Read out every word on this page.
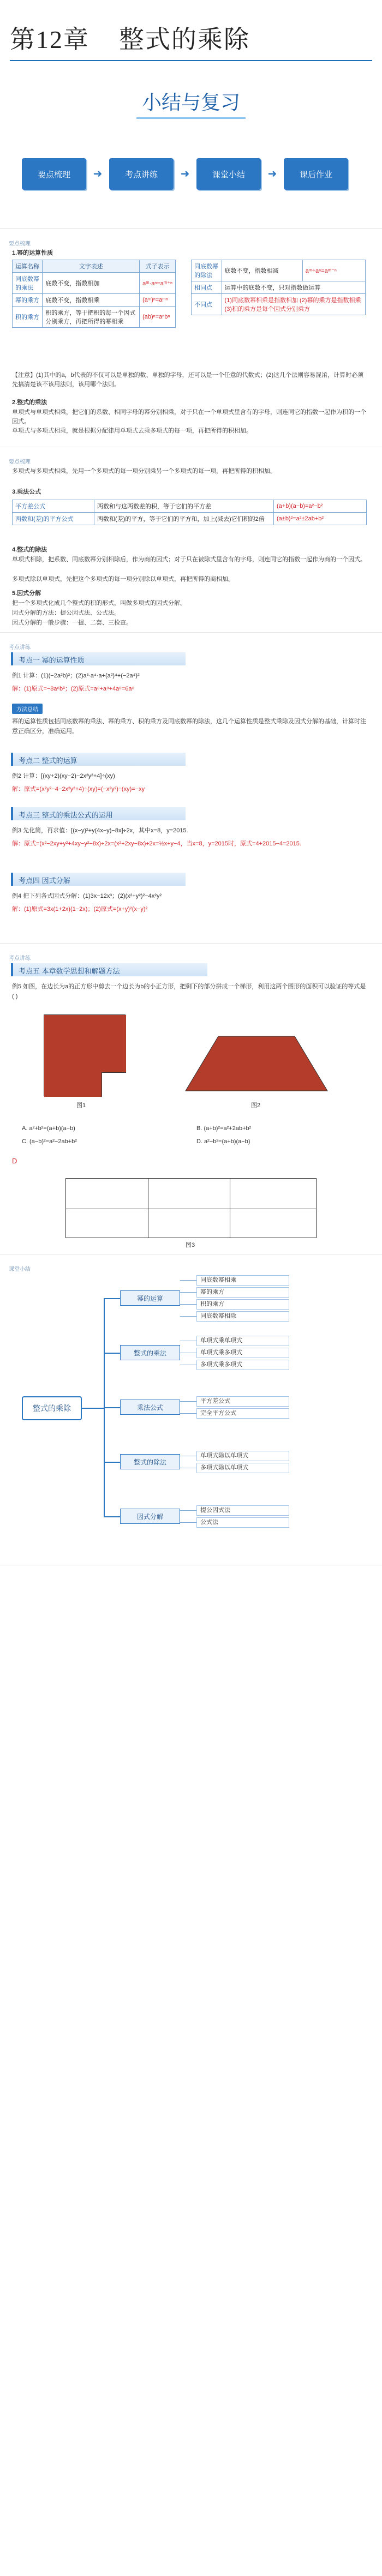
第12章 整式的乘除
小结与复习
要点梳理	➜	考点讲练	➜	课堂小结	➜	课后作业
要点梳理
1.幂的运算性质
运算名称	文字表述	式子表示
同底数幂的乘法	底数不变，指数相加	aᵐ·aⁿ=aᵐ⁺ⁿ
幂的乘方	底数不变，指数相乘	(aᵐ)ⁿ=aᵐⁿ
积的乘方	积的乘方，等于把积的每一个因式分别乘方，再把所得的幂相乘	(ab)ⁿ=aⁿbⁿ
同底数幂的除法	底数不变，指数相减	aᵐ÷aⁿ=aᵐ⁻ⁿ
相同点	运算中的底数不变，只对指数做运算	
不同点	(1)同底数幂相乘是指数相加 (2)幂的乘方是指数相乘 (3)积的乘方是每个因式分别乘方	
【注意】(1)其中的a，b代表的不仅可以是单独的数、单独的字母，还可以是一个任意的代数式；(2)这几个法则容易混淆，计算时必须先搞清楚该不该用法则，该用哪个法则。
2.整式的乘法
单项式与单项式相乘，把它们的系数、相同字母的幂分别相乘，对于只在一个单项式里含有的字母，则连同它的指数一起作为积的一个因式。
单项式与多项式相乘，就是根据分配律用单项式去乘多项式的每一项，再把所得的积相加。
要点梳理
多项式与多项式相乘，先用一个多项式的每一项分别乘另一个多项式的每一项，再把所得的积相加。
3.乘法公式
平方差公式	两数和与这两数差的积，等于它们的平方差	(a+b)(a−b)=a²−b²
两数和(差)的平方公式	两数和(差)的平方，等于它们的平方和，加上(减去)它们积的2倍	(a±b)²=a²±2ab+b²
4.整式的除法
单项式相除，把系数、同底数幂分别相除后，作为商的因式；对于只在被除式里含有的字母，则连同它的指数一起作为商的一个因式。
多项式除以单项式，先把这个多项式的每一项分别除以单项式，再把所得的商相加。
5.因式分解
把一个多项式化成几个整式的积的形式，叫做多项式的因式分解。
因式分解的方法：提公因式法、公式法。
因式分解的一般步骤：一提、二套、三检查。
考点讲练
考点一 幂的运算性质
例1 计算：(1)(−2a²b)³；(2)a³·a⁴·a+(a²)⁴+(−2a⁴)²
解：(1)原式=−8a⁶b³；(2)原式=a⁸+a⁸+4a⁸=6a⁸
方法总结
幂的运算性质包括同底数幂的乘法、幂的乘方、积的乘方及同底数幂的除法，这几个运算性质是整式乘除及因式分解的基础，计算时注意正确区分，准确运用。
考点二 整式的运算
例2 计算：[(xy+2)(xy−2)−2x²y²+4]÷(xy)
解：原式=(x²y²−4−2x²y²+4)÷(xy)=(−x²y²)÷(xy)=−xy
考点三 整式的乘法公式的运用
例3 先化简，再求值：[(x−y)²+y(4x−y)−8x]÷2x，其中x=8，y=2015.
解：原式=(x²−2xy+y²+4xy−y²−8x)÷2x=(x²+2xy−8x)÷2x=½x+y−4，当x=8，y=2015时，原式=4+2015−4=2015.
考点四 因式分解
例4 把下列各式因式分解：(1)3x−12x³；(2)(x²+y²)²−4x²y²
解：(1)原式=3x(1+2x)(1−2x)；(2)原式=(x+y)²(x−y)²
考点讲练
考点五 本章数学思想和解题方法
例5 如图，在边长为a的正方形中剪去一个边长为b的小正方形，把剩下的部分拼成一个梯形，利用这两个图形的面积可以验证的等式是( )
图1	图2
A. a²+b²=(a+b)(a−b)	B. (a+b)²=a²+2ab+b²
C. (a−b)²=a²−2ab+b²	D. a²−b²=(a+b)(a−b)
D
图3
课堂小结
整式的乘除
幂的运算
同底数幂相乘
幂的乘方
积的乘方
同底数幂相除
整式的乘法
单项式乘单项式
单项式乘多项式
多项式乘多项式
乘法公式
平方差公式
完全平方公式
整式的除法
单项式除以单项式
多项式除以单项式
因式分解
提公因式法
公式法
